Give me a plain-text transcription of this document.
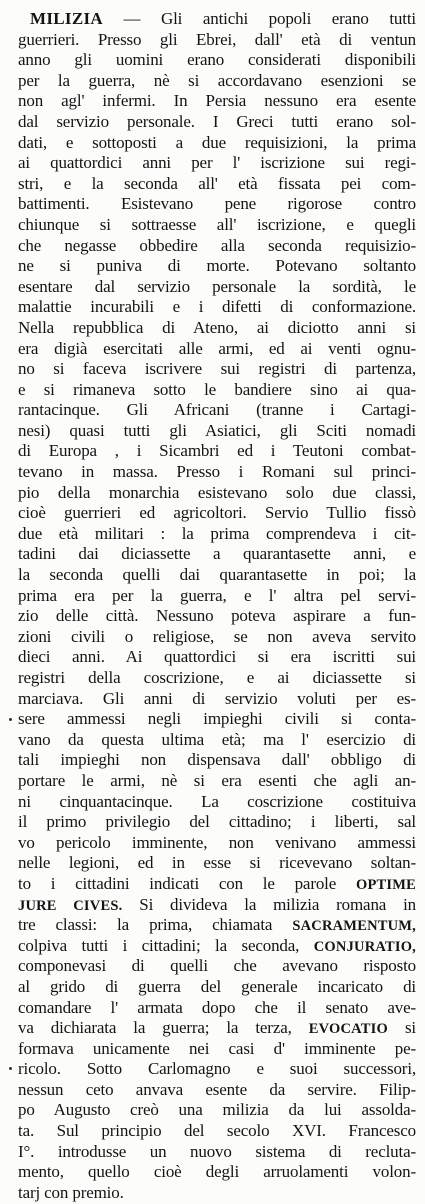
MILIZIA — Gli antichi popoli erano tutti
guerrieri. Presso gli Ebrei, dall' età di ventun
anno gli uomini erano considerati disponibili
per la guerra, nè si accordavano esenzioni se
non agl' infermi. In Persia nessuno era esente
dal servizio personale. I Greci tutti erano sol-
dati, e sottoposti a due requisizioni, la prima
ai quattordici anni per l' iscrizione sui regi-
stri, e la seconda all' età fissata pei com-
battimenti. Esistevano pene rigorose contro
chiunque si sottraesse all' iscrizione, e quegli
che negasse obbedire alla seconda requisizio-
ne si puniva di morte. Potevano soltanto
esentare dal servizio personale la sordità, le
malattie incurabili e i difetti di conformazione.
Nella repubblica di Ateno, ai diciotto anni si
era digià esercitati alle armi, ed ai venti ognu-
no si faceva iscrivere sui registri di partenza,
e si rimaneva sotto le bandiere sino ai qua-
rantacinque. Gli Africani (tranne i Cartagi-
nesi) quasi tutti gli Asiatici, gli Sciti nomadi
di Europa , i Sicambri ed i Teutoni combat-
tevano in massa. Presso i Romani sul princi-
pio della monarchia esistevano solo due classi,
cioè guerrieri ed agricoltori. Servio Tullio fissò
due età militari : la prima comprendeva i cit-
tadini dai diciassette a quarantasette anni, e
la seconda quelli dai quarantasette in poi; la
prima era per la guerra, e l' altra pel servi-
zio delle città. Nessuno poteva aspirare a fun-
zioni civili o religiose, se non aveva servito
dieci anni. Ai quattordici si era iscritti sui
registri della coscrizione, e ai diciassette si
marciava. Gli anni di servizio voluti per es-
sere ammessi negli impieghi civili si conta-
vano da questa ultima età; ma l' esercizio di
tali impieghi non dispensava dall' obbligo di
portare le armi, nè si era esenti che agli an-
ni cinquantacinque. La coscrizione costituiva
il primo privilegio del cittadino; i liberti, sal
vo pericolo imminente, non venivano ammessi
nelle legioni, ed in esse si ricevevano soltan-
to i cittadini indicati con le parole OPTIME
JURE CIVES. Si divideva la milizia romana in
tre classi: la prima, chiamata SACRAMENTUM,
colpiva tutti i cittadini; la seconda, CONJURATIO,
componevasi di quelli che avevano risposto
al grido di guerra del generale incaricato di
comandare l' armata dopo che il senato ave-
va dichiarata la guerra; la terza, EVOCATIO si
formava unicamente nei casi d' imminente pe-
ricolo. Sotto Carlomagno e suoi successori,
nessun ceto anvava esente da servire. Filip-
po Augusto creò una milizia da lui assolda-
ta. Sul principio del secolo XVI. Francesco
I°. introdusse un nuovo sistema di recluta-
mento, quello cioè degli arruolamenti volon-
tarj con premio.
